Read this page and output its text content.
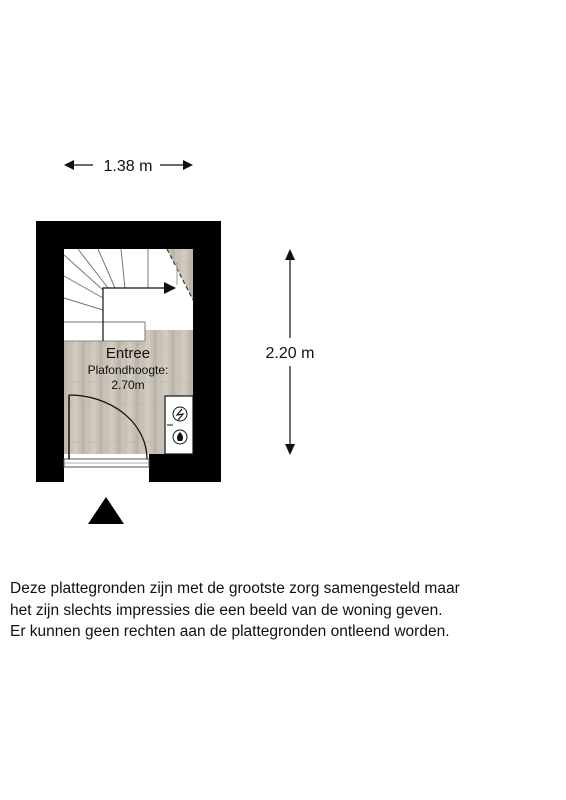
1.38 m
2.20 m
Entree
Plafondhoogte:
2.70m
Deze plattegronden zijn met de grootste zorg samengesteld maar
het zijn slechts impressies die een beeld van de woning geven.
Er kunnen geen rechten aan de plattegronden ontleend worden.
